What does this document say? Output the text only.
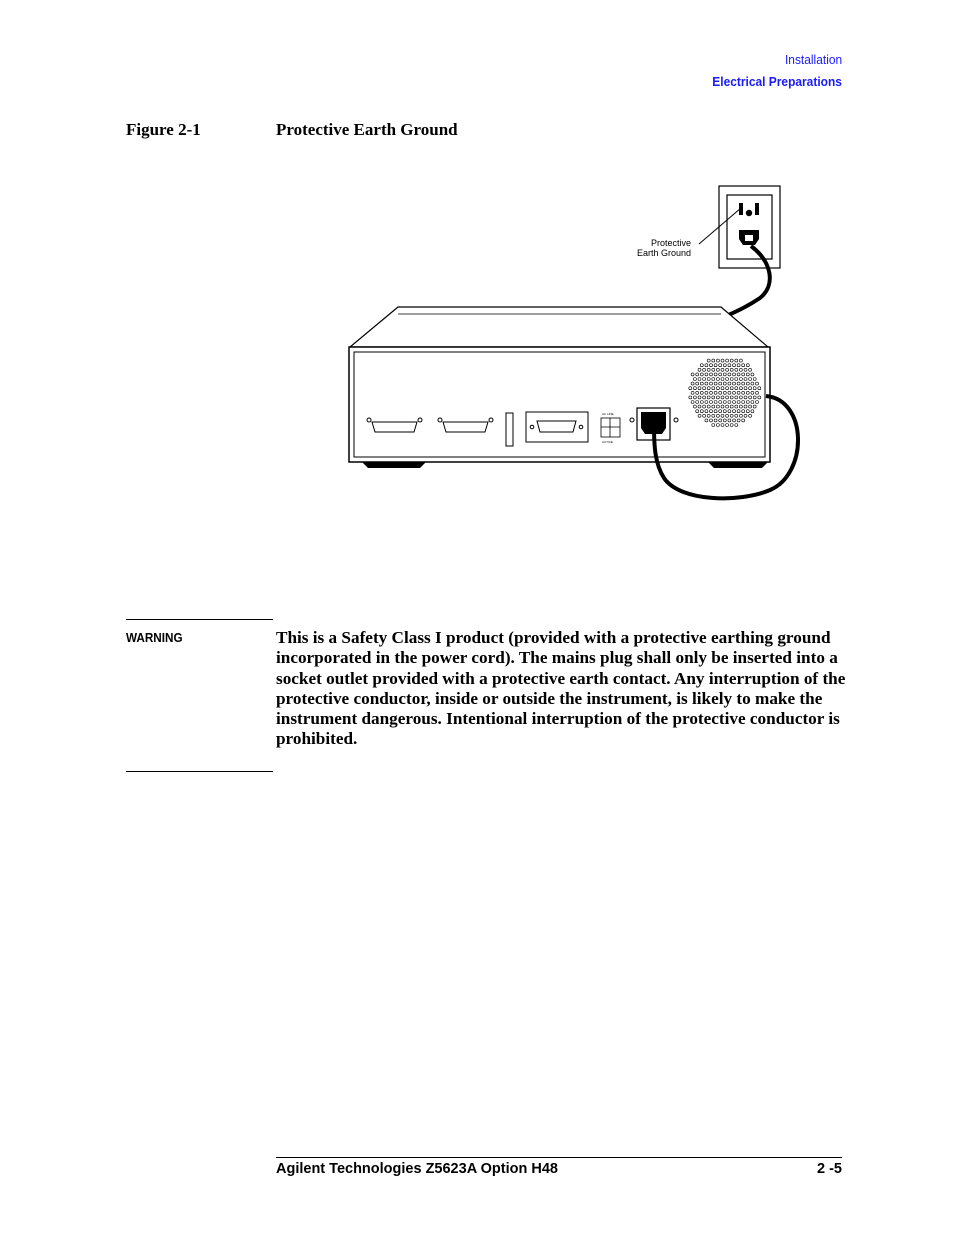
Installation
Electrical Preparations
Figure 2-1	Protective Earth Ground
Protective
Earth Ground
AC LINE
ACTIVE
WARNING	This is a Safety Class I product (provided with a protective earthing ground incorporated in the power cord). The mains plug shall only be inserted into a socket outlet provided with a protective earth contact. Any interruption of the protective conductor, inside or outside the instrument, is likely to make the instrument dangerous. Intentional interruption of the protective conductor is prohibited.
Agilent Technologies Z5623A Option H48	2 -5
